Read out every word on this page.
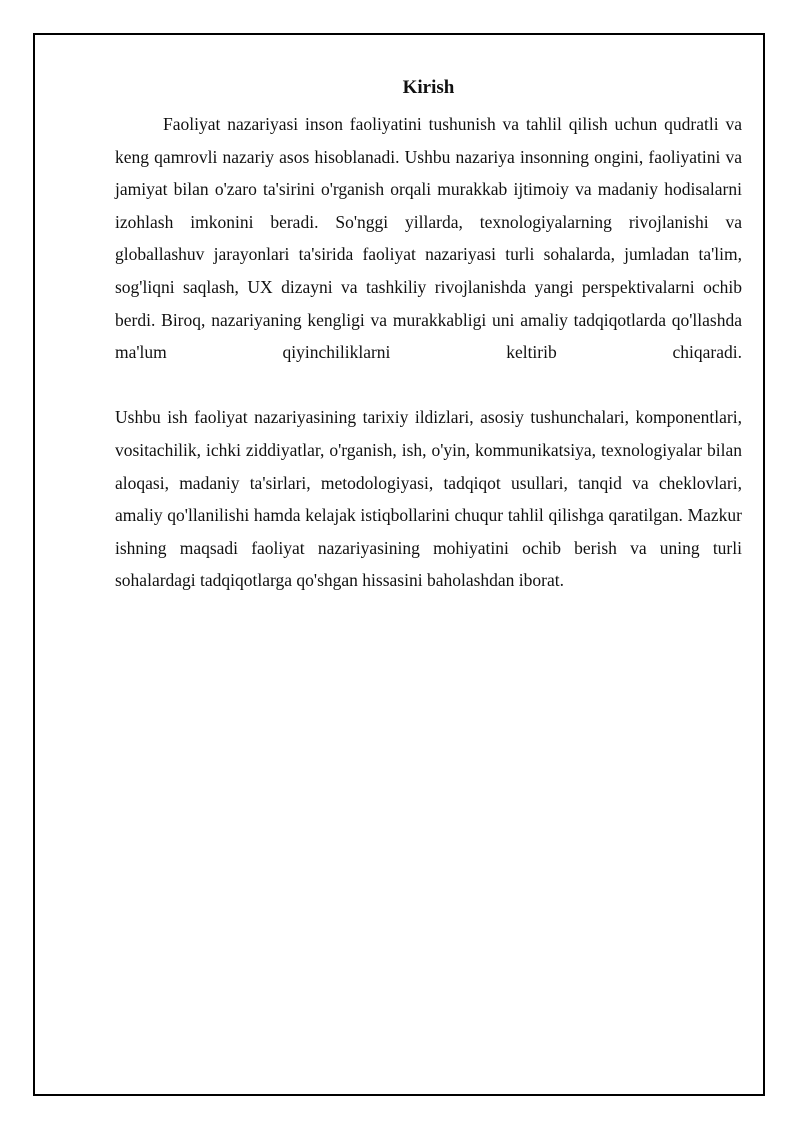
Kirish

Faoliyat nazariyasi inson faoliyatini tushunish va tahlil qilish uchun qudratli va keng qamrovli nazariy asos hisoblanadi. Ushbu nazariya insonning ongini, faoliyatini va jamiyat bilan o'zaro ta'sirini o'rganish orqali murakkab ijtimoiy va madaniy hodisalarni izohlash imkonini beradi. So'nggi yillarda, texnologiyalarning rivojlanishi va globallashuv jarayonlari ta'sirida faoliyat nazariyasi turli sohalarda, jumladan ta'lim, sog'liqni saqlash, UX dizayni va tashkiliy rivojlanishda yangi perspektivalarni ochib berdi. Biroq, nazariyaning kengligi va murakkabligi uni amaliy tadqiqotlarda qo'llashda ma'lum qiyinchiliklarni keltirib chiqaradi.

Ushbu ish faoliyat nazariyasining tarixiy ildizlari, asosiy tushunchalari, komponentlari, vositachilik, ichki ziddiyatlar, o'rganish, ish, o'yin, kommunikatsiya, texnologiyalar bilan aloqasi, madaniy ta'sirlari, metodologiyasi, tadqiqot usullari, tanqid va cheklovlari, amaliy qo'llanilishi hamda kelajak istiqbollarini chuqur tahlil qilishga qaratilgan. Mazkur ishning maqsadi faoliyat nazariyasining mohiyatini ochib berish va uning turli sohalardagi tadqiqotlarga qo'shgan hissasini baholashdan iborat.
